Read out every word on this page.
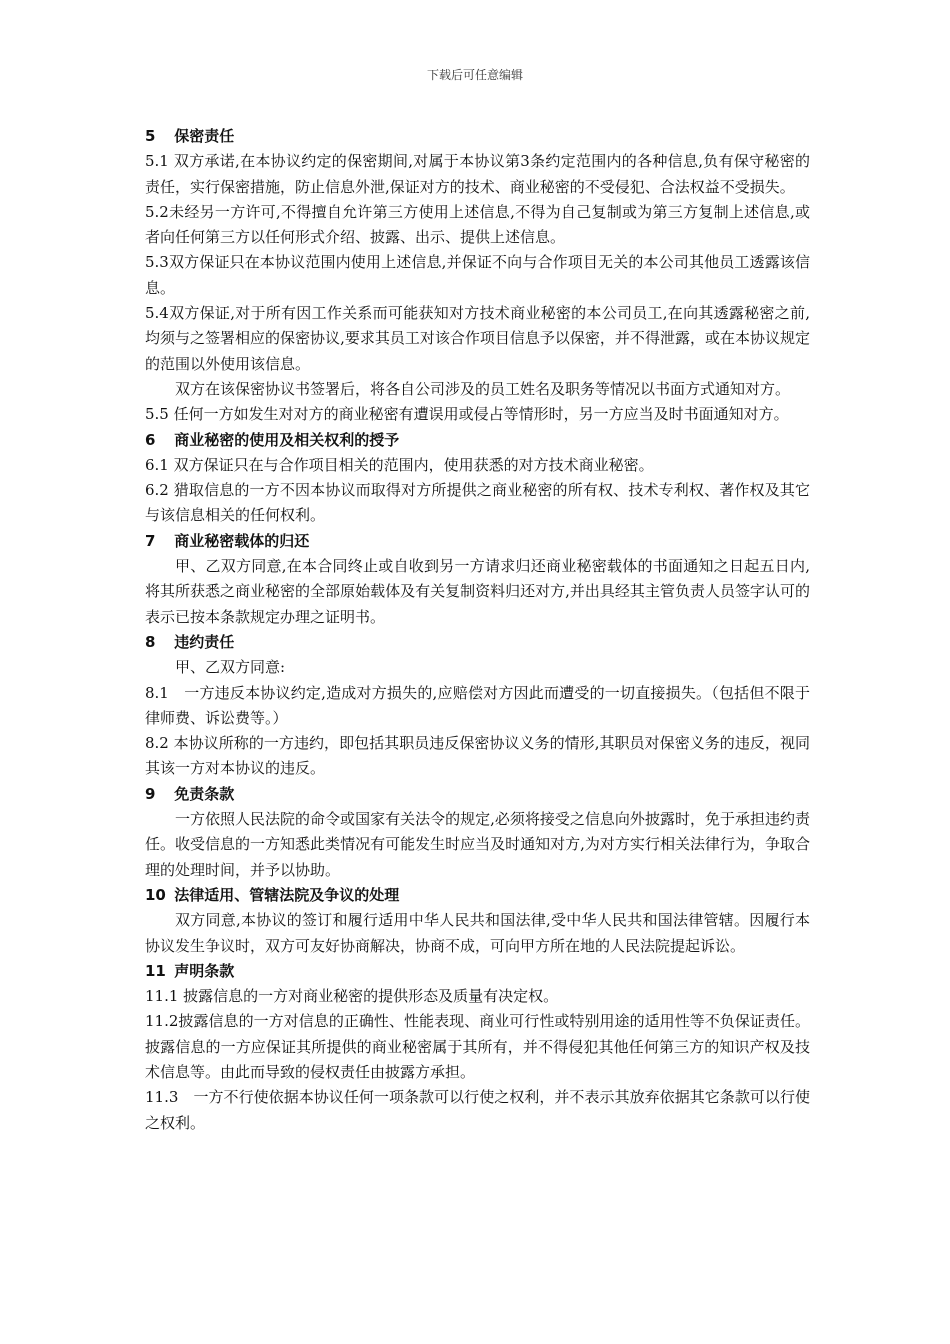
下载后可任意编辑

5 保密责任

5.1 双方承诺,在本协议约定的保密期间,对属于本协议第3条约定范围内的各种信息,负有保守秘密的责任，实行保密措施，防止信息外泄,保证对方的技术、商业秘密的不受侵犯、合法权益不受损失。

5.2未经另一方许可,不得擅自允许第三方使用上述信息,不得为自己复制或为第三方复制上述信息,或者向任何第三方以任何形式介绍、披露、出示、提供上述信息。

5.3双方保证只在本协议范围内使用上述信息,并保证不向与合作项目无关的本公司其他员工透露该信息。

5.4双方保证,对于所有因工作关系而可能获知对方技术商业秘密的本公司员工,在向其透露秘密之前,均须与之签署相应的保密协议,要求其员工对该合作项目信息予以保密，并不得泄露，或在本协议规定的范围以外使用该信息。

双方在该保密协议书签署后，将各自公司涉及的员工姓名及职务等情况以书面方式通知对方。

5.5 任何一方如发生对对方的商业秘密有遭误用或侵占等情形时，另一方应当及时书面通知对方。

6 商业秘密的使用及相关权利的授予

6.1 双方保证只在与合作项目相关的范围内，使用获悉的对方技术商业秘密。

6.2 猎取信息的一方不因本协议而取得对方所提供之商业秘密的所有权、技术专利权、著作权及其它与该信息相关的任何权利。

7 商业秘密载体的归还

甲、乙双方同意,在本合同终止或自收到另一方请求归还商业秘密载体的书面通知之日起五日内,将其所获悉之商业秘密的全部原始载体及有关复制资料归还对方,并出具经其主管负责人员签字认可的表示已按本条款规定办理之证明书。

8 违约责任

甲、乙双方同意:

8.1　一方违反本协议约定,造成对方损失的,应赔偿对方因此而遭受的一切直接损失。（包括但不限于律师费、诉讼费等。）

8.2 本协议所称的一方违约，即包括其职员违反保密协议义务的情形,其职员对保密义务的违反，视同其该一方对本协议的违反。

9 免责条款

一方依照人民法院的命令或国家有关法令的规定,必须将接受之信息向外披露时，免于承担违约责任。收受信息的一方知悉此类情况有可能发生时应当及时通知对方,为对方实行相关法律行为，争取合理的处理时间，并予以协助。

10 法律适用、管辖法院及争议的处理

双方同意,本协议的签订和履行适用中华人民共和国法律,受中华人民共和国法律管辖。因履行本协议发生争议时，双方可友好协商解决，协商不成，可向甲方所在地的人民法院提起诉讼。

11 声明条款

11.1 披露信息的一方对商业秘密的提供形态及质量有决定权。

11.2披露信息的一方对信息的正确性、性能表现、商业可行性或特别用途的适用性等不负保证责任。披露信息的一方应保证其所提供的商业秘密属于其所有，并不得侵犯其他任何第三方的知识产权及技术信息等。由此而导致的侵权责任由披露方承担。

11.3　一方不行使依据本协议任何一项条款可以行使之权利，并不表示其放弃依据其它条款可以行使之权利。
